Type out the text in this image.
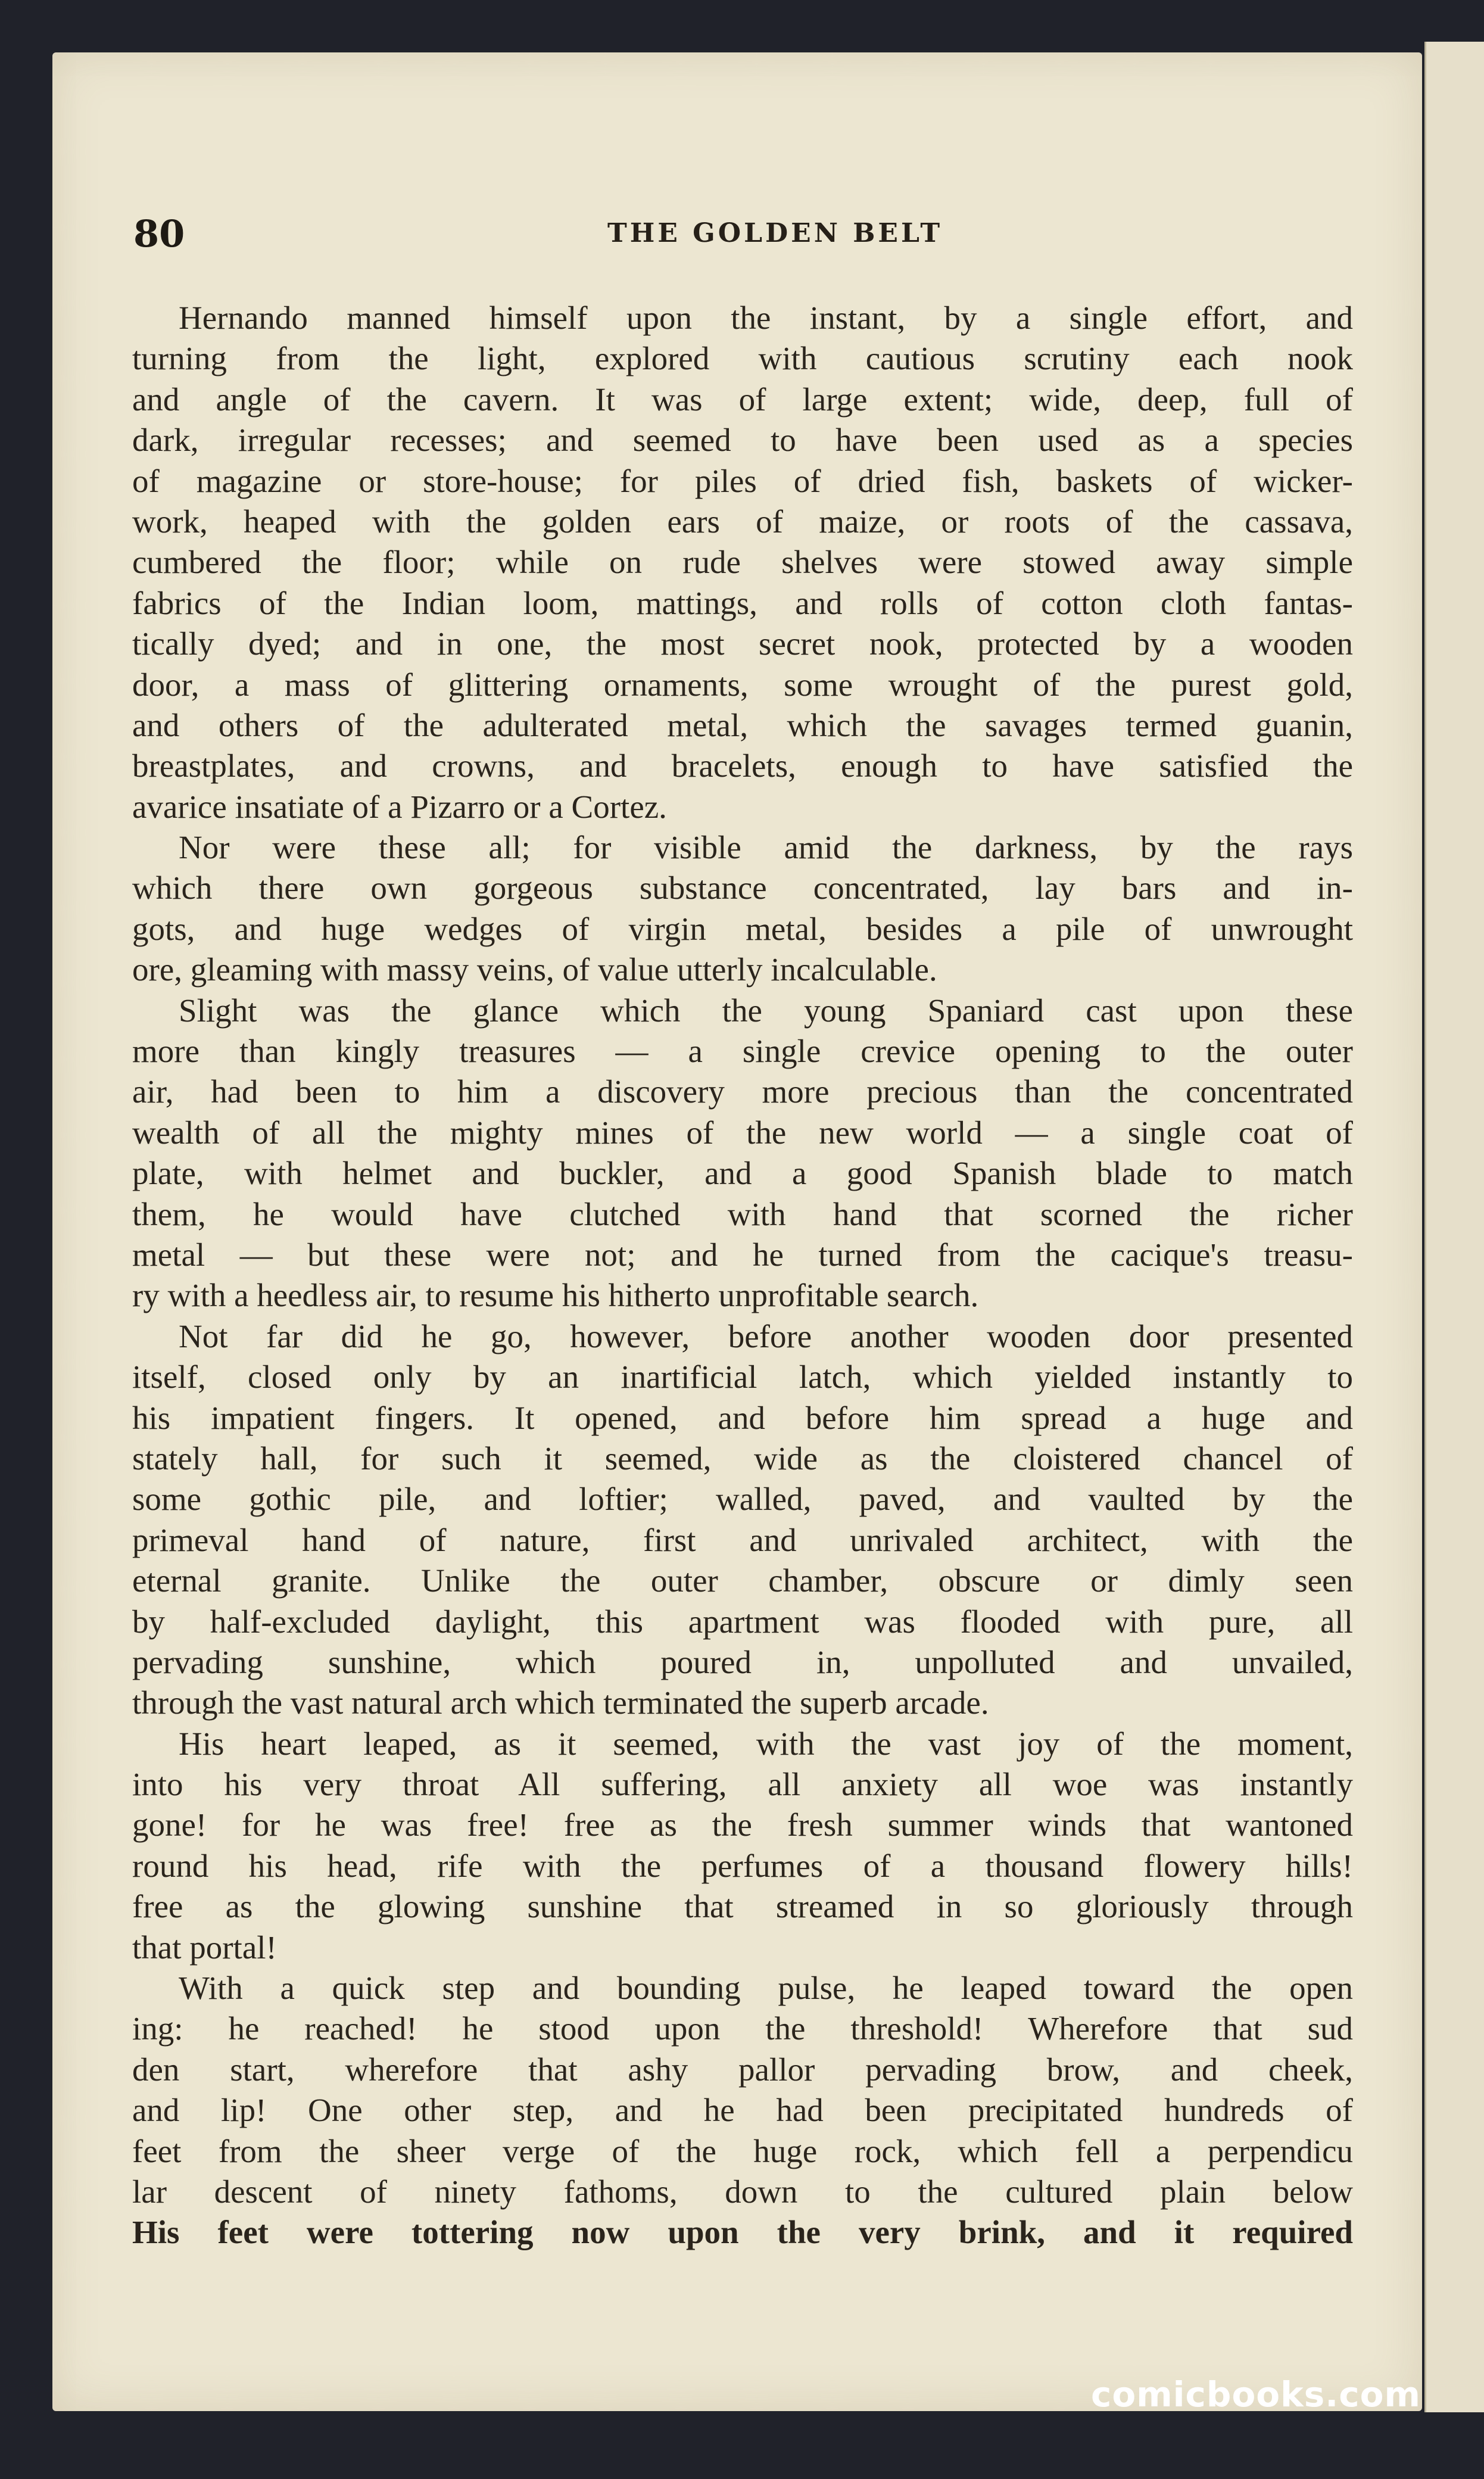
80	THE GOLDEN BELT
Hernando manned himself upon the instant, by a single effort, and
turning from the light, explored with cautious scrutiny each nook
and angle of the cavern. It was of large extent; wide, deep, full of
dark, irregular recesses; and seemed to have been used as a species
of magazine or store-house; for piles of dried fish, baskets of wicker-
work, heaped with the golden ears of maize, or roots of the cassava,
cumbered the floor; while on rude shelves were stowed away simple
fabrics of the Indian loom, mattings, and rolls of cotton cloth fantas-
tically dyed; and in one, the most secret nook, protected by a wooden
door, a mass of glittering ornaments, some wrought of the purest gold,
and others of the adulterated metal, which the savages termed guanin,
breastplates, and crowns, and bracelets, enough to have satisfied the
avarice insatiate of a Pizarro or a Cortez.
Nor were these all; for visible amid the darkness, by the rays
which there own gorgeous substance concentrated, lay bars and in-
gots, and huge wedges of virgin metal, besides a pile of unwrought
ore, gleaming with massy veins, of value utterly incalculable.
Slight was the glance which the young Spaniard cast upon these
more than kingly treasures — a single crevice opening to the outer
air, had been to him a discovery more precious than the concentrated
wealth of all the mighty mines of the new world — a single coat of
plate, with helmet and buckler, and a good Spanish blade to match
them, he would have clutched with hand that scorned the richer
metal — but these were not; and he turned from the cacique's treasu-
ry with a heedless air, to resume his hitherto unprofitable search.
Not far did he go, however, before another wooden door presented
itself, closed only by an inartificial latch, which yielded instantly to
his impatient fingers. It opened, and before him spread a huge and
stately hall, for such it seemed, wide as the cloistered chancel of
some gothic pile, and loftier; walled, paved, and vaulted by the
primeval hand of nature, first and unrivaled architect, with the
eternal granite. Unlike the outer chamber, obscure or dimly seen
by half-excluded daylight, this apartment was flooded with pure, all
pervading sunshine, which poured in, unpolluted and unvailed,
through the vast natural arch which terminated the superb arcade.
His heart leaped, as it seemed, with the vast joy of the moment,
into his very throat All suffering, all anxiety all woe was instantly
gone! for he was free! free as the fresh summer winds that wantoned
round his head, rife with the perfumes of a thousand flowery hills!
free as the glowing sunshine that streamed in so gloriously through
that portal!
With a quick step and bounding pulse, he leaped toward the open
ing: he reached! he stood upon the threshold! Wherefore that sud
den start, wherefore that ashy pallor pervading brow, and cheek,
and lip! One other step, and he had been precipitated hundreds of
feet from the sheer verge of the huge rock, which fell a perpendicu
lar descent of ninety fathoms, down to the cultured plain below
His feet were tottering now upon the very brink, and it required
comicbooks.com
